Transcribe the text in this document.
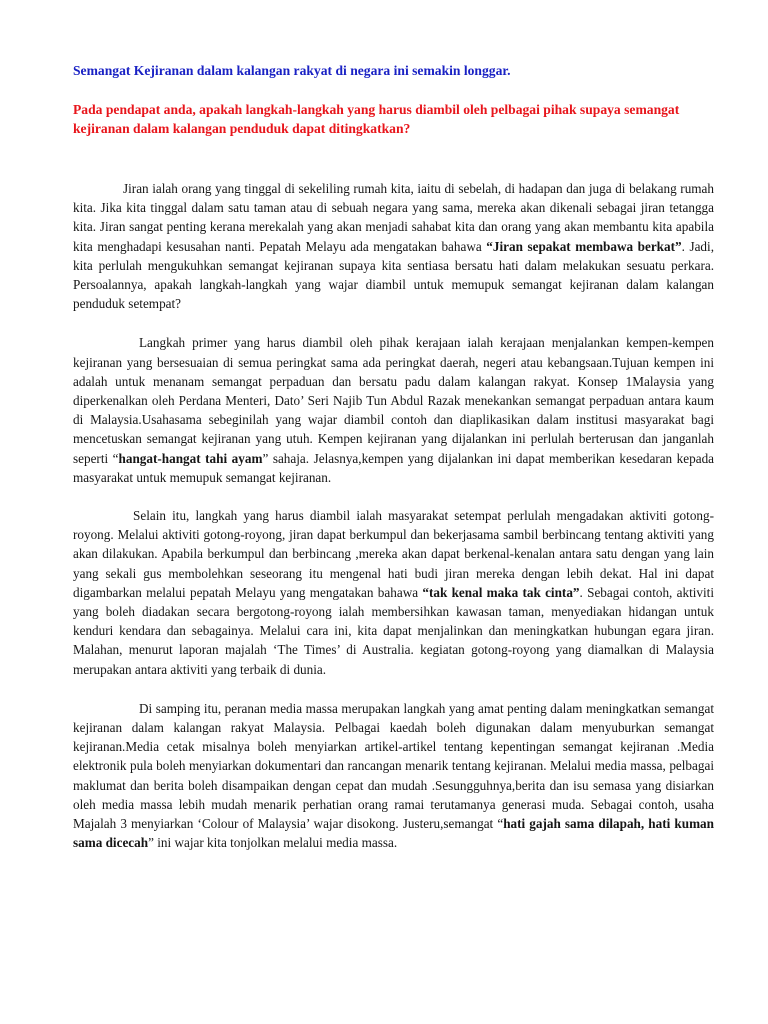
Semangat Kejiranan dalam kalangan rakyat di negara ini semakin longgar.

Pada pendapat anda, apakah langkah-langkah yang harus diambil oleh pelbagai pihak supaya semangat kejiranan dalam kalangan penduduk dapat ditingkatkan?

Jiran ialah orang yang tinggal di sekeliling rumah kita, iaitu di sebelah, di hadapan dan juga di belakang rumah kita. Jika kita tinggal dalam satu taman atau di sebuah negara yang sama, mereka akan dikenali sebagai jiran tetangga kita. Jiran sangat penting kerana merekalah yang akan menjadi sahabat kita dan orang yang akan membantu kita apabila kita menghadapi kesusahan nanti. Pepatah Melayu ada mengatakan bahawa “Jiran sepakat membawa berkat”. Jadi, kita perlulah mengukuhkan semangat kejiranan supaya kita sentiasa bersatu hati dalam melakukan sesuatu perkara. Persoalannya, apakah langkah-langkah yang wajar diambil untuk memupuk semangat kejiranan dalam kalangan penduduk setempat?

Langkah primer yang harus diambil oleh pihak kerajaan ialah kerajaan menjalankan kempen-kempen kejiranan yang bersesuaian di semua peringkat sama ada peringkat daerah, negeri atau kebangsaan.Tujuan kempen ini adalah untuk menanam semangat perpaduan dan bersatu padu dalam kalangan rakyat. Konsep 1Malaysia yang diperkenalkan oleh Perdana Menteri, Dato’ Seri Najib Tun Abdul Razak menekankan semangat perpaduan antara kaum di Malaysia.Usahasama sebeginilah yang wajar diambil contoh dan diaplikasikan dalam institusi masyarakat bagi mencetuskan semangat kejiranan yang utuh. Kempen kejiranan yang dijalankan ini perlulah berterusan dan janganlah seperti “hangat-hangat tahi ayam” sahaja. Jelasnya,kempen yang dijalankan ini dapat memberikan kesedaran kepada masyarakat untuk memupuk semangat kejiranan.

Selain itu, langkah yang harus diambil ialah masyarakat setempat perlulah mengadakan aktiviti gotong-royong. Melalui aktiviti gotong-royong, jiran dapat berkumpul dan bekerjasama sambil berbincang tentang aktiviti yang akan dilakukan. Apabila berkumpul dan berbincang ,mereka akan dapat berkenal-kenalan antara satu dengan yang lain yang sekali gus membolehkan seseorang itu mengenal hati budi jiran mereka dengan lebih dekat. Hal ini dapat digambarkan melalui pepatah Melayu yang mengatakan bahawa “tak kenal maka tak cinta”. Sebagai contoh, aktiviti yang boleh diadakan secara bergotong-royong ialah membersihkan kawasan taman, menyediakan hidangan untuk kenduri kendara dan sebagainya. Melalui cara ini, kita dapat menjalinkan dan meningkatkan hubungan egara jiran. Malahan, menurut laporan majalah ‘The Times’ di Australia. kegiatan gotong-royong yang diamalkan di Malaysia merupakan antara aktiviti yang terbaik di dunia.

Di samping itu, peranan media massa merupakan langkah yang amat penting dalam meningkatkan semangat kejiranan dalam kalangan rakyat Malaysia. Pelbagai kaedah boleh digunakan dalam menyuburkan semangat kejiranan.Media cetak misalnya boleh menyiarkan artikel-artikel tentang kepentingan semangat kejiranan .Media elektronik pula boleh menyiarkan dokumentari dan rancangan menarik tentang kejiranan. Melalui media massa, pelbagai maklumat dan berita boleh disampaikan dengan cepat dan mudah .Sesungguhnya,berita dan isu semasa yang disiarkan oleh media massa lebih mudah menarik perhatian orang ramai terutamanya generasi muda. Sebagai contoh, usaha Majalah 3 menyiarkan ‘Colour of Malaysia’ wajar disokong. Justeru,semangat “hati gajah sama dilapah, hati kuman sama dicecah” ini wajar kita tonjolkan melalui media massa.
